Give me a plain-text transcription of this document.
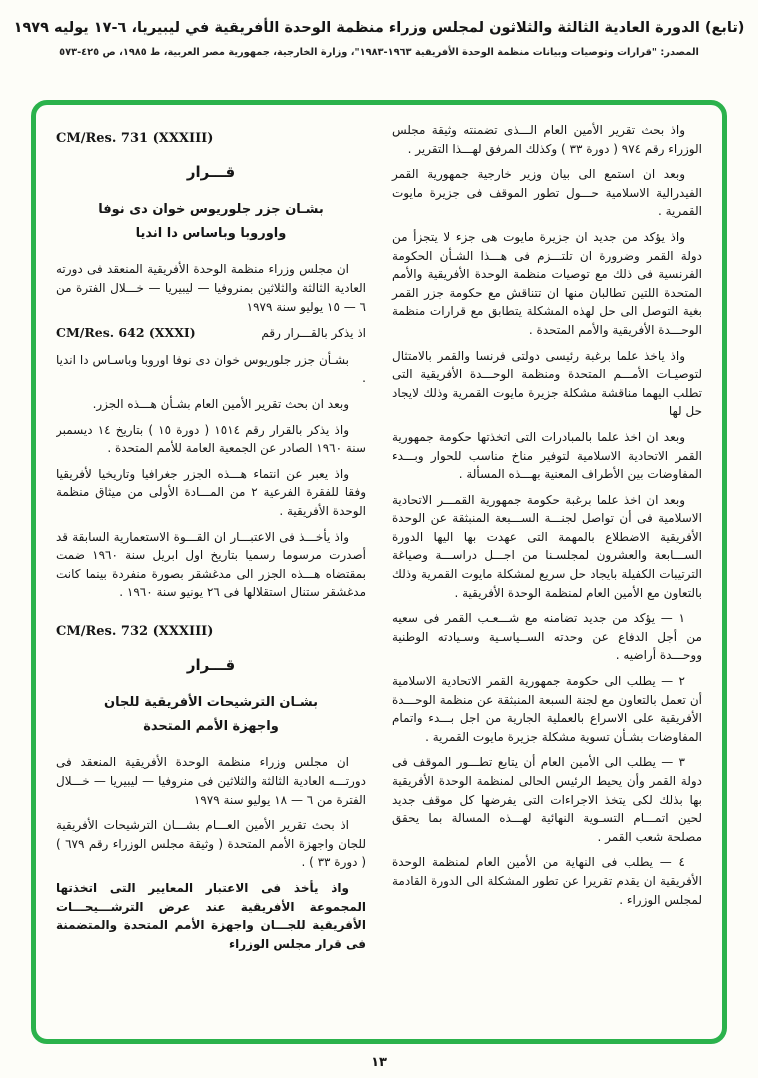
(تابع) الدورة العادية الثالثة والثلاثون لمجلس وزراء منظمة الوحدة الأفريقية في ليبيريا، ٦-١٧ يوليه ١٩٧٩
المصدر: "قرارات وتوصيات وبيانات منظمة الوحدة الأفريقية ١٩٦٣-١٩٨٣"، وزارة الخارجية، جمهورية مصر العربية، ط ١٩٨٥، ص ٤٢٥-٥٧٣

واذ بحث تقرير الأمين العام الـــذى تضمنته وثيقة مجلس الوزراء رقم ٩٧٤ ( دورة ٣٣ ) وكذلك المرفق لهـــذا التقرير .

وبعد ان استمع الى بيان وزير خارجية جمهورية القمر الفيدرالية الاسلامية حـــول تطور الموقف فى جزيرة مايوت القمرية .

واذ يؤكد من جديد ان جزيرة مايوت هى جزء لا يتجزأ من دولة القمر وضرورة ان تلتـــزم فى هـــذا الشـأن الحكومة الفرنسية فى ذلك مع توصيات منظمة الوحدة الأفريقية والأمم المتحدة اللتين تطالبان منها ان تتناقش مع حكومة جزر القمر بغية التوصل الى حل لهذه المشكلة يتطابق مع قرارات منظمة الوحـــدة الأفريقية والأمم المتحدة .

واذ ياخذ علما برغبة رئيسى دولتى فرنسا والقمر بالامتثال لتوصيـات الأمـــم المتحدة ومنظمة الوحـــدة الأفريقية التى تطلب اليهما مناقشة مشكلة جزيرة مايوت القمرية وذلك لايجاد حل لها

وبعد ان اخذ علما بالمبادرات التى اتخذتها حكومة جمهورية القمر الاتحادية الاسلامية لتوفير مناخ مناسب للحوار وبـــدء المفاوضات بين الأطراف المعنية بهـــذه المسألة .

وبعد ان اخذ علما برغبة حكومة جمهورية القمـــر الاتحادية الاسلامية فى أن تواصل لجنـــة الســـبعة المنبثقة عن الوحدة الأفريقية الاضطلاع بالمهمة التى عهدت بها اليها الدورة الســـابعة والعشرون لمجلسـنا من اجـــل دراســـة وصياغة الترتيبات الكفيلة بايجاد حل سريع لمشكلة مايوت القمرية وذلك بالتعاون مع الأمين العام لمنظمة الوحدة الأفريقية .

١ — يؤكد من جديد تضامنه مع شـــعـب القمر فى سعيه من أجل الدفاع عن وحدته الســياسـية وسـيادته الوطنية ووحـــدة أراضيه .

٢ — يطلب الى حكومة جمهورية القمر الاتحادية الاسلامية أن تعمل بالتعاون مع لجنة السبعة المنبثقة عن منظمة الوحـــدة الأفريقية على الاسراع بالعملية الجارية من اجل بـــدء واتمام المفاوضات بشـأن تسوية مشكلة جزيرة مايوت القمرية .

٣ — يطلب الى الأمين العام أن يتابع تطـــور الموقف فى دولة القمر وأن يحيط الرئيس الحالى لمنظمة الوحدة الأفريقية بها بذلك لكى يتخذ الاجراءات التى يفرضها كل موقف جديد لحين اتمـــام التسـوية النهائية لهـــذه المسالة بما يحقق مصلحة شعب القمر .

٤ — يطلب فى النهاية من الأمين العام لمنظمة الوحدة الأفريقية ان يقدم تقريرا عن تطور المشكلة الى الدورة القادمة لمجلس الوزراء .

CM/Res. 731 (XXXIII)
قـــرار
بشـان جزر جلوريوس خوان دى نوفا
واوروبا وباساس دا انديا

ان مجلس وزراء منظمة الوحدة الأفريقية المنعقد فى دورته العادية الثالثة والثلاثين بمنروفيا — ليبيريا — خـــلال الفترة من ٦ — ١٥ يوليو سنة ١٩٧٩

اذ يذكر بالقـــرار رقم
CM/Res. 642 (XXXI)

بشـأن جزر جلوريوس خوان دى نوفا اوروبا وباسـاس دا انديا .

وبعد ان بحث تقرير الأمين العام بشـأن هـــذه الجزر.

واذ يذكر بالقرار رقم ١٥١٤ ( دورة ١٥ ) بتاريخ ١٤ ديسمبر سنة ١٩٦٠ الصادر عن الجمعية العامة للأمم المتحدة .

واذ يعبر عن انتماء هـــذه الجزر جغرافيا وتاريخيا لأفريقيا وفقا للفقرة الفرعية ٢ من المـــادة الأولى من ميثاق منظمة الوحدة الأفريقية .

واذ يأخـــذ فى الاعتبـــار ان القـــوة الاستعمارية السابقة قد أصدرت مرسوما رسميا بتاريخ اول ابريل سنة ١٩٦٠ ضمت بمقتضاه هـــذه الجزر الى مدغشقر بصورة منفردة بينما كانت مدغشقر ستنال استقلالها فى ٢٦ يونيو سنة ١٩٦٠ .

CM/Res. 732 (XXXIII)
قـــرار
بشـان الترشيحات الأفريقية للجان
واجهزة الأمم المتحدة

ان مجلس وزراء منظمة الوحدة الأفريقية المنعقد فى دورتـــه العادية الثالثة والثلاثين فى منروفيا — ليبيريا — خـــلال الفترة من ٦ — ١٨ يوليو سنة ١٩٧٩

اذ بحث تقرير الأمين العـــام بشـــان الترشيحات الأفريقية للجان واجهزة الأمم المتحدة ( وثيقة مجلس الوزراء رقم ٦٧٩ ) ( دورة ٣٣ ) .

واذ يأخذ فى الاعتبار المعايير التى اتخذتها المجموعة الأفريقية عند عرض الترشـــيحـــات الأفريقية للجـــان واجهزة الأمم المتحدة والمتضمنة فى قرار مجلس الوزراء

١٣
